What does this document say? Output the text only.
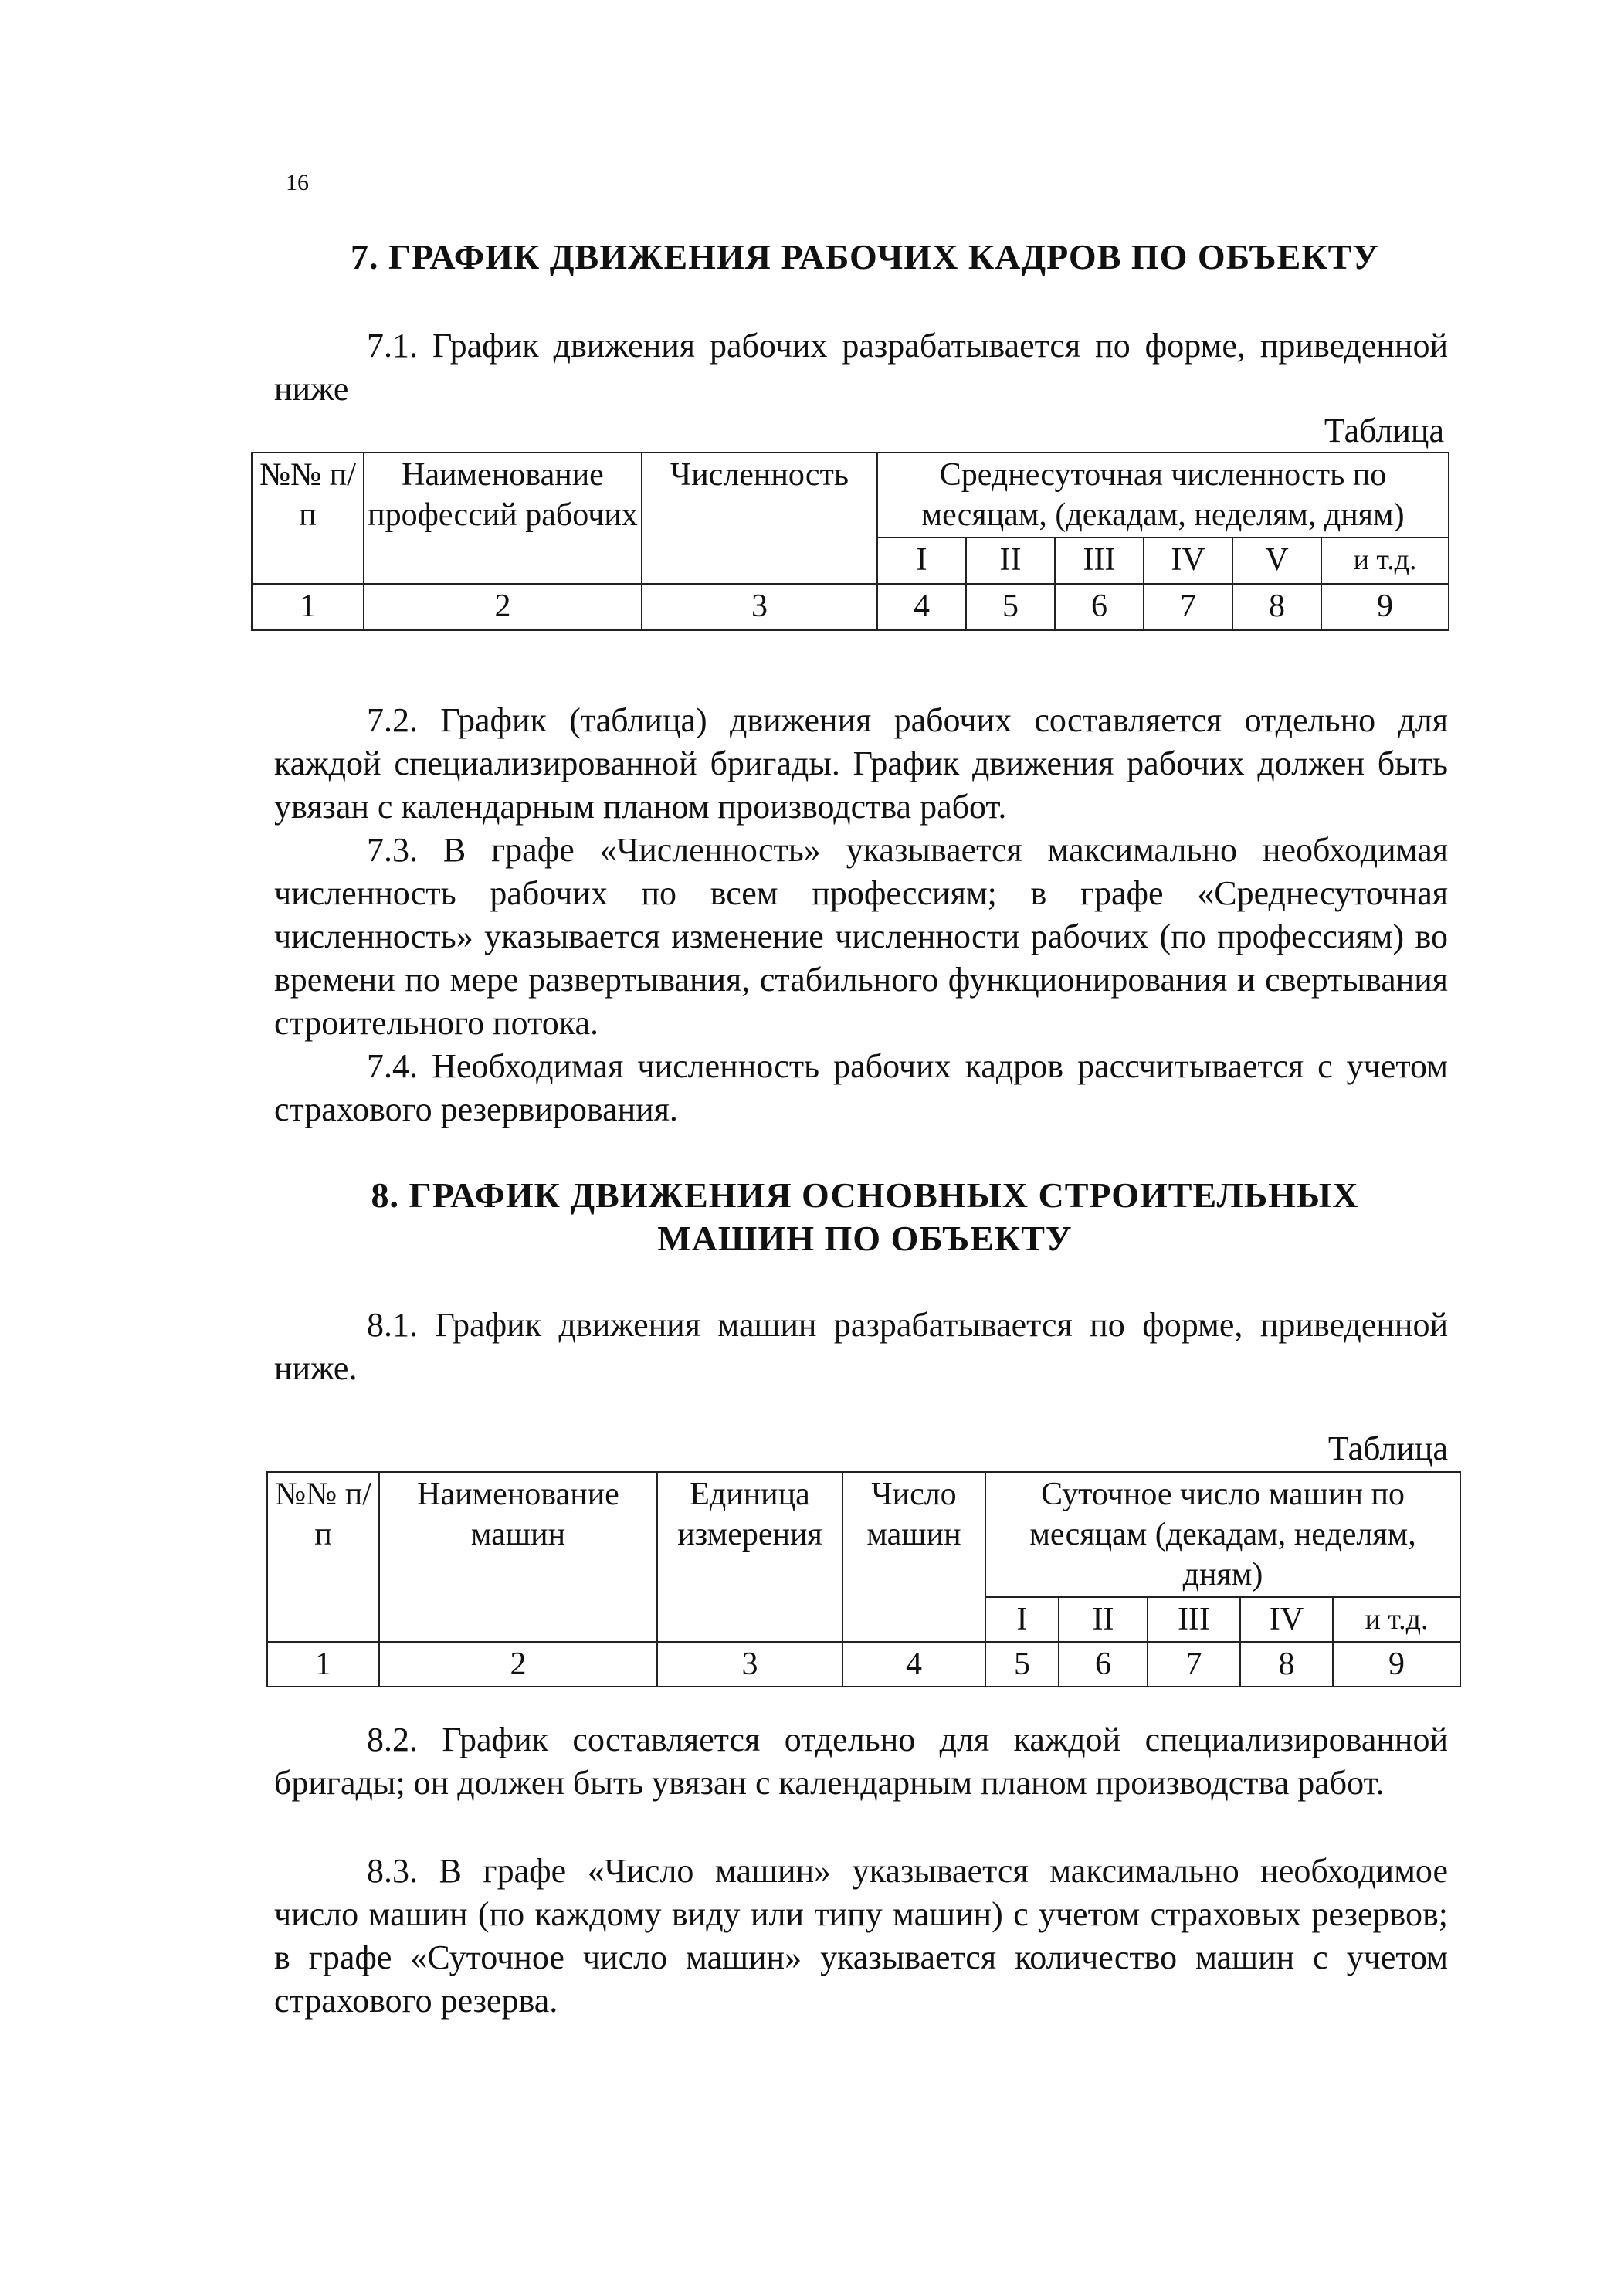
16
7. ГРАФИК ДВИЖЕНИЯ РАБОЧИХ КАДРОВ ПО ОБЪЕКТУ
7.1. График движения рабочих разрабатывается по форме, приведенной ниже
Таблица
№№ п/п	Наименование профессий рабочих	Численность	Среднесуточная численность по месяцам, (декадам, неделям, дням)					
			I	II	III	IV	V	и т.д.
1	2	3	4	5	6	7	8	9
7.2. График (таблица) движения рабочих составляется отдельно для каждой специализированной бригады. График движения рабочих должен быть увязан с календарным планом производства работ.
7.3. В графе «Численность» указывается максимально необходимая численность рабочих по всем профессиям; в графе «Среднесуточная численность» указывается изменение численности рабочих (по профессиям) во времени по мере развертывания, стабильного функционирования и свертывания строительного потока.
7.4. Необходимая численность рабочих кадров рассчитывается с учетом страхового резервирования.
8. ГРАФИК ДВИЖЕНИЯ ОСНОВНЫХ СТРОИТЕЛЬНЫХ
МАШИН ПО ОБЪЕКТУ
8.1. График движения машин разрабатывается по форме, приведенной ниже.
Таблица
№№ п/п	Наименование машин	Единица измерения	Число машин	Суточное число машин по месяцам (декадам, неделям, дням)				
				I	II	III	IV	и т.д.
1	2	3	4	5	6	7	8	9
8.2. График составляется отдельно для каждой специализированной бригады; он должен быть увязан с календарным планом производства работ.
8.3. В графе «Число машин» указывается максимально необходимое число машин (по каждому виду или типу машин) с учетом страховых резервов; в графе «Суточное число машин» указывается количество машин с учетом страхового резерва.
